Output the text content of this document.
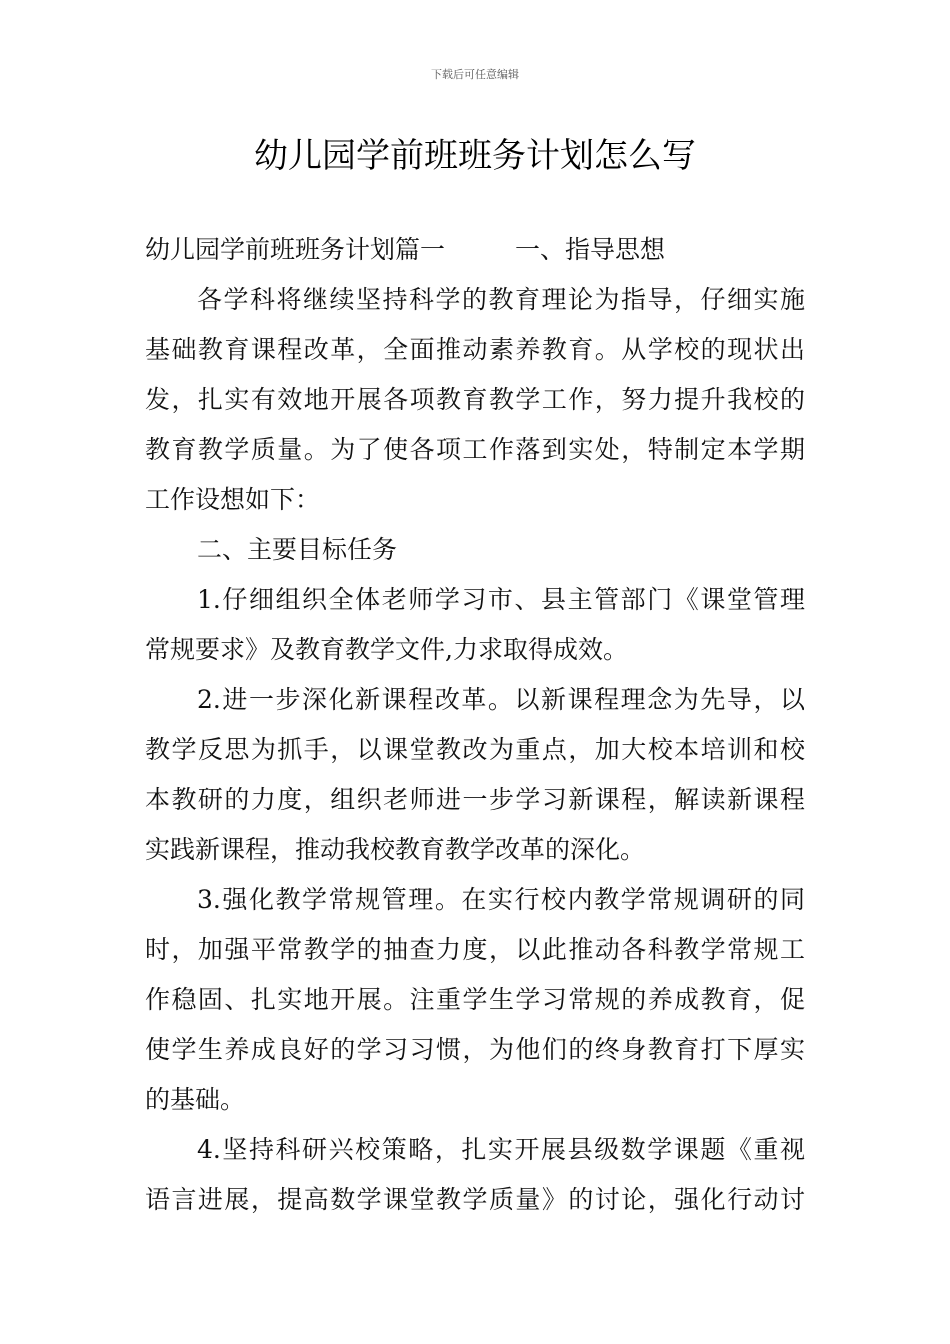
下载后可任意编辑
幼儿园学前班班务计划怎么写
幼儿园学前班班务计划篇一	一、指导思想
各学科将继续坚持科学的教育理论为指导，仔细实施
基础教育课程改革，全面推动素养教育。从学校的现状出
发，扎实有效地开展各项教育教学工作，努力提升我校的
教育教学质量。为了使各项工作落到实处，特制定本学期
工作设想如下：
二、主要目标任务
1.仔细组织全体老师学习市、县主管部门《课堂管理
常规要求》及教育教学文件,力求取得成效。
2.进一步深化新课程改革。以新课程理念为先导，以
教学反思为抓手，以课堂教改为重点，加大校本培训和校
本教研的力度，组织老师进一步学习新课程，解读新课程
实践新课程，推动我校教育教学改革的深化。
3.强化教学常规管理。在实行校内教学常规调研的同
时，加强平常教学的抽查力度，以此推动各科教学常规工
作稳固、扎实地开展。注重学生学习常规的养成教育，促
使学生养成良好的学习习惯，为他们的终身教育打下厚实
的基础。
4.坚持科研兴校策略，扎实开展县级数学课题《重视
语言进展，提高数学课堂教学质量》的讨论，强化行动讨
